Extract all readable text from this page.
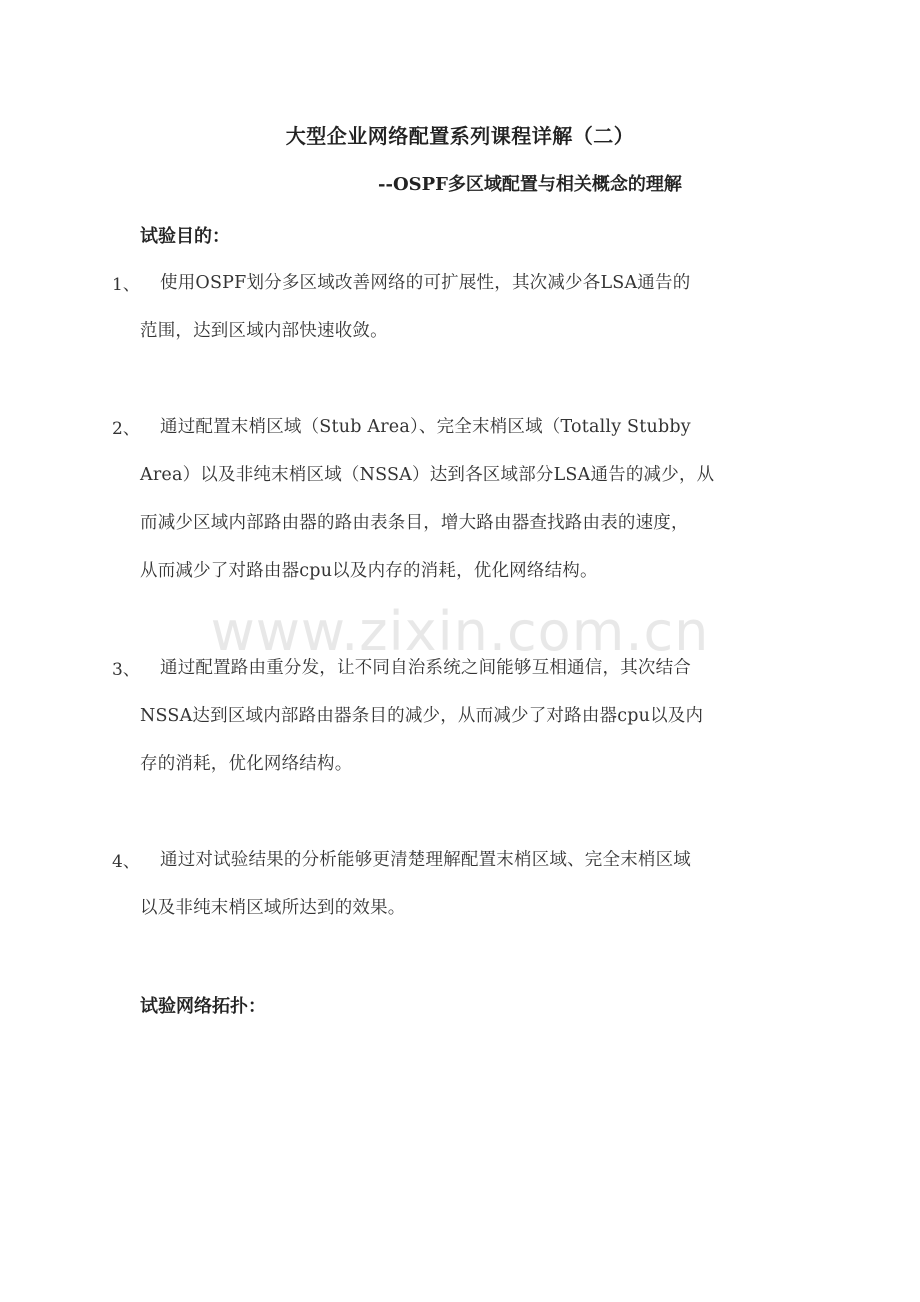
大型企业网络配置系列课程详解（二）
--OSPF多区域配置与相关概念的理解
试验目的：
1、 使用OSPF划分多区域改善网络的可扩展性，其次减少各LSA通告的
范围，达到区域内部快速收敛。
2、 通过配置末梢区域（Stub Area）、完全末梢区域（Totally Stubby
Area）以及非纯末梢区域（NSSA）达到各区域部分LSA通告的减少，从
而减少区域内部路由器的路由表条目，增大路由器查找路由表的速度，
从而减少了对路由器cpu以及内存的消耗，优化网络结构。
www.zixin.com.cn
3、 通过配置路由重分发，让不同自治系统之间能够互相通信，其次结合
NSSA达到区域内部路由器条目的减少，从而减少了对路由器cpu以及内
存的消耗，优化网络结构。
4、 通过对试验结果的分析能够更清楚理解配置末梢区域、完全末梢区域
以及非纯末梢区域所达到的效果。
试验网络拓扑：
